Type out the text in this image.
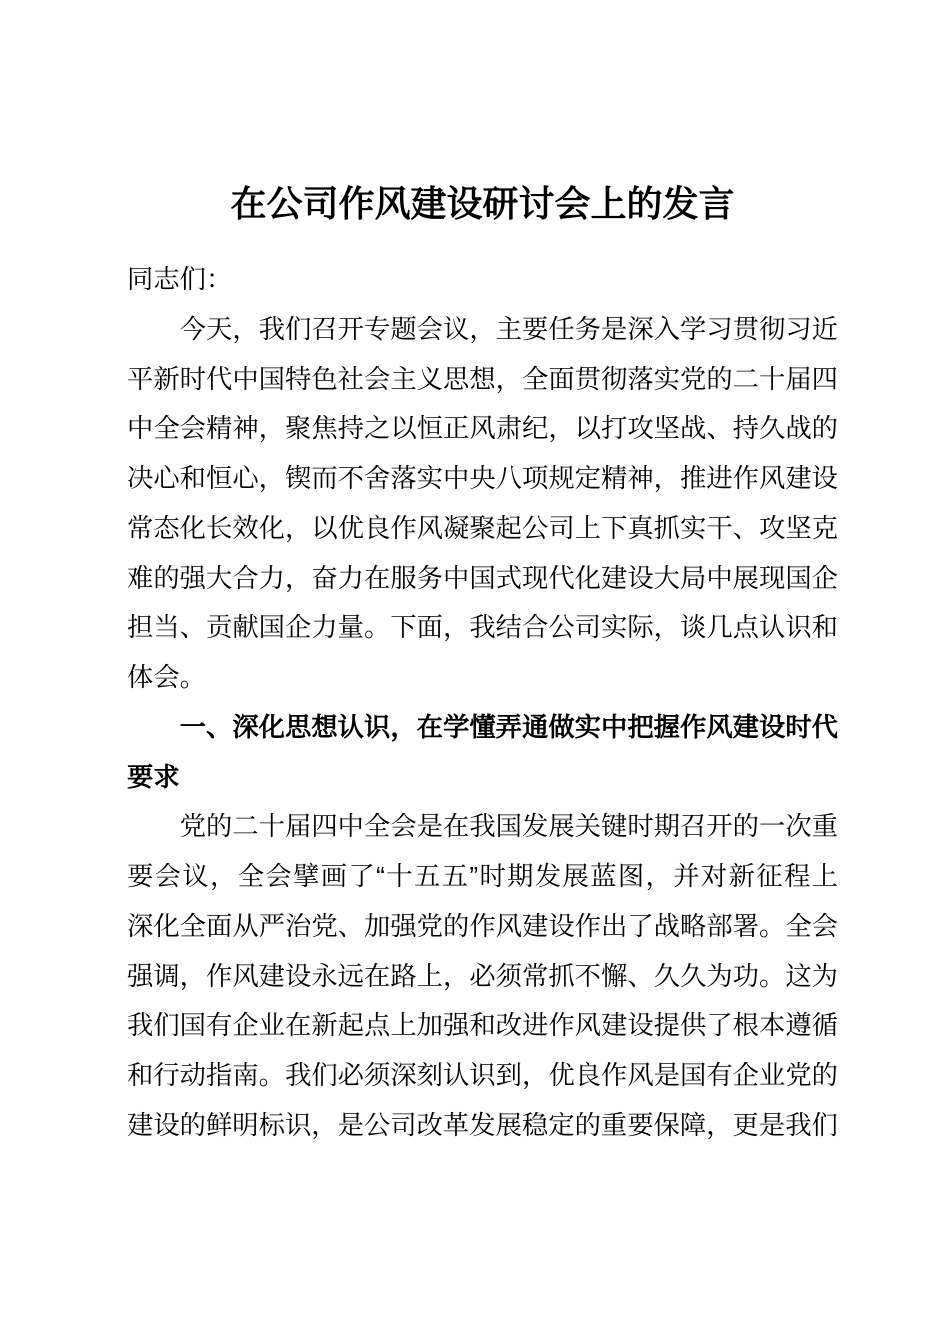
在公司作风建设研讨会上的发言
同志们：
今天，我们召开专题会议，主要任务是深入学习贯彻习近
平新时代中国特色社会主义思想，全面贯彻落实党的二十届四
中全会精神，聚焦持之以恒正风肃纪，以打攻坚战、持久战的
决心和恒心，锲而不舍落实中央八项规定精神，推进作风建设
常态化长效化，以优良作风凝聚起公司上下真抓实干、攻坚克
难的强大合力，奋力在服务中国式现代化建设大局中展现国企
担当、贡献国企力量。下面，我结合公司实际，谈几点认识和
体会。
一、深化思想认识，在学懂弄通做实中把握作风建设时代
要求
党的二十届四中全会是在我国发展关键时期召开的一次重
要会议，全会擘画了“十五五”时期发展蓝图，并对新征程上
深化全面从严治党、加强党的作风建设作出了战略部署。全会
强调，作风建设永远在路上，必须常抓不懈、久久为功。这为
我们国有企业在新起点上加强和改进作风建设提供了根本遵循
和行动指南。我们必须深刻认识到，优良作风是国有企业党的
建设的鲜明标识，是公司改革发展稳定的重要保障，更是我们
